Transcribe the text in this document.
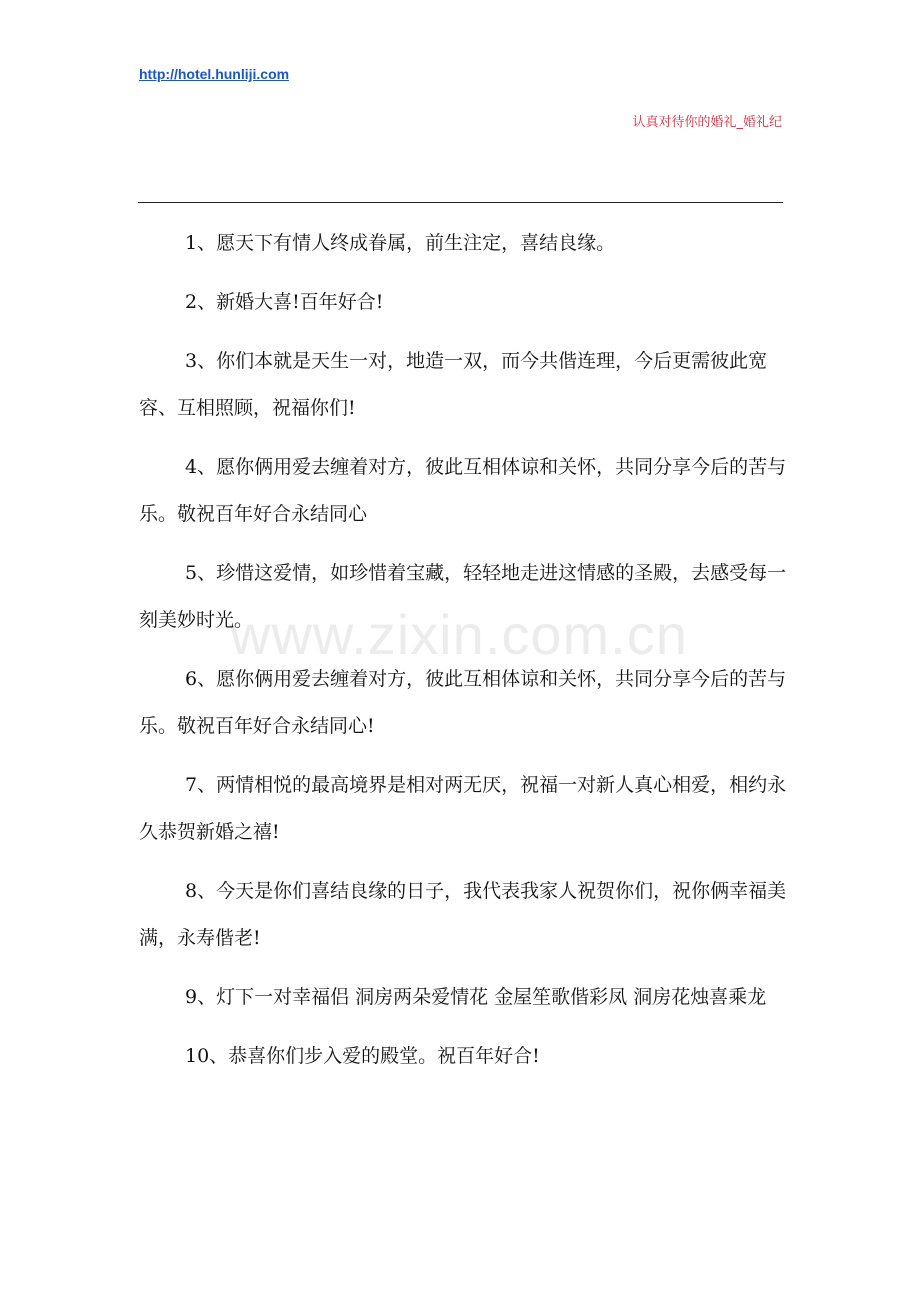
http://hotel.hunliji.com
认真对待你的婚礼_婚礼纪
www.zixin.com.cn

1、愿天下有情人终成眷属，前生注定，喜结良缘。

2、新婚大喜!百年好合!

3、你们本就是天生一对，地造一双，而今共偕连理，今后更需彼此宽容、互相照顾，祝福你们!

4、愿你俩用爱去缠着对方，彼此互相体谅和关怀，共同分享今后的苦与乐。敬祝百年好合永结同心

5、珍惜这爱情，如珍惜着宝藏，轻轻地走进这情感的圣殿，去感受每一刻美妙时光。

6、愿你俩用爱去缠着对方，彼此互相体谅和关怀，共同分享今后的苦与乐。敬祝百年好合永结同心!

7、两情相悦的最高境界是相对两无厌，祝福一对新人真心相爱，相约永久恭贺新婚之禧!

8、今天是你们喜结良缘的日子，我代表我家人祝贺你们，祝你俩幸福美满，永寿偕老!

9、灯下一对幸福侣 洞房两朵爱情花 金屋笙歌偕彩凤 洞房花烛喜乘龙

10、恭喜你们步入爱的殿堂。祝百年好合!
